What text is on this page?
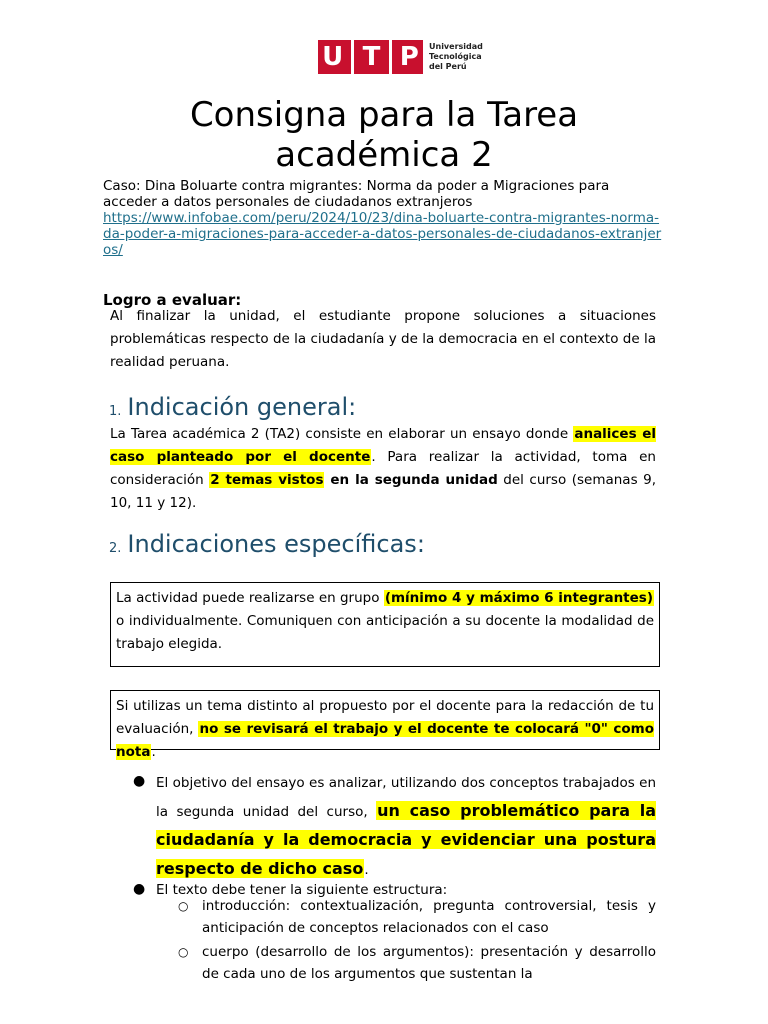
U T P Universidad
Tecnológica
del Perú
Consigna para la Tarea
académica 2
Caso: Dina Boluarte contra migrantes: Norma da poder a Migraciones para acceder a datos personales de ciudadanos extranjeros
https://www.infobae.com/peru/2024/10/23/dina-boluarte-contra-migrantes-norma-da-poder-a-migraciones-para-acceder-a-datos-personales-de-ciudadanos-extranjeros/
Logro a evaluar:
Al finalizar la unidad, el estudiante propone soluciones a situaciones problemáticas respecto de la ciudadanía y de la democracia en el contexto de la realidad peruana.
1. Indicación general:
La Tarea académica 2 (TA2) consiste en elaborar un ensayo donde analices el caso planteado por el docente. Para realizar la actividad, toma en consideración 2 temas vistos en la segunda unidad del curso (semanas 9, 10, 11 y 12).
2. Indicaciones específicas:
La actividad puede realizarse en grupo (mínimo 4 y máximo 6 integrantes) o individualmente. Comuniquen con anticipación a su docente la modalidad de trabajo elegida.
Si utilizas un tema distinto al propuesto por el docente para la redacción de tu evaluación, no se revisará el trabajo y el docente te colocará "0" como nota.
● El objetivo del ensayo es analizar, utilizando dos conceptos trabajados en la segunda unidad del curso, un caso problemático para la ciudadanía y la democracia y evidenciar una postura respecto de dicho caso.
● El texto debe tener la siguiente estructura:
○ introducción: contextualización, pregunta controversial, tesis y anticipación de conceptos relacionados con el caso
○ cuerpo (desarrollo de los argumentos): presentación y desarrollo de cada uno de los argumentos que sustentan la
